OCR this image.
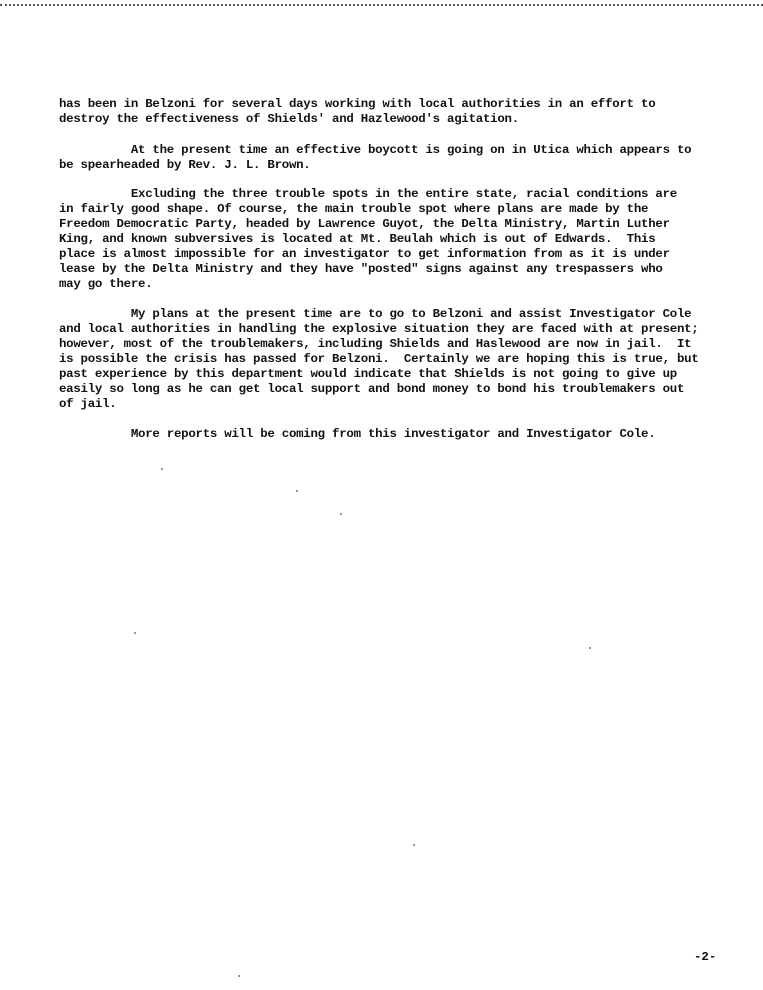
has been in Belzoni for several days working with local authorities in an effort to
destroy the effectiveness of Shields' and Hazlewood's agitation.

At the present time an effective boycott is going on in Utica which appears to
be spearheaded by Rev. J. L. Brown.

Excluding the three trouble spots in the entire state, racial conditions are
in fairly good shape. Of course, the main trouble spot where plans are made by the
Freedom Democratic Party, headed by Lawrence Guyot, the Delta Ministry, Martin Luther
King, and known subversives is located at Mt. Beulah which is out of Edwards.  This
place is almost impossible for an investigator to get information from as it is under
lease by the Delta Ministry and they have "posted" signs against any trespassers who
may go there.

My plans at the present time are to go to Belzoni and assist Investigator Cole
and local authorities in handling the explosive situation they are faced with at present;
however, most of the troublemakers, including Shields and Haslewood are now in jail.  It
is possible the crisis has passed for Belzoni.  Certainly we are hoping this is true, but
past experience by this department would indicate that Shields is not going to give up
easily so long as he can get local support and bond money to bond his troublemakers out
of jail.

More reports will be coming from this investigator and Investigator Cole.

-2-
